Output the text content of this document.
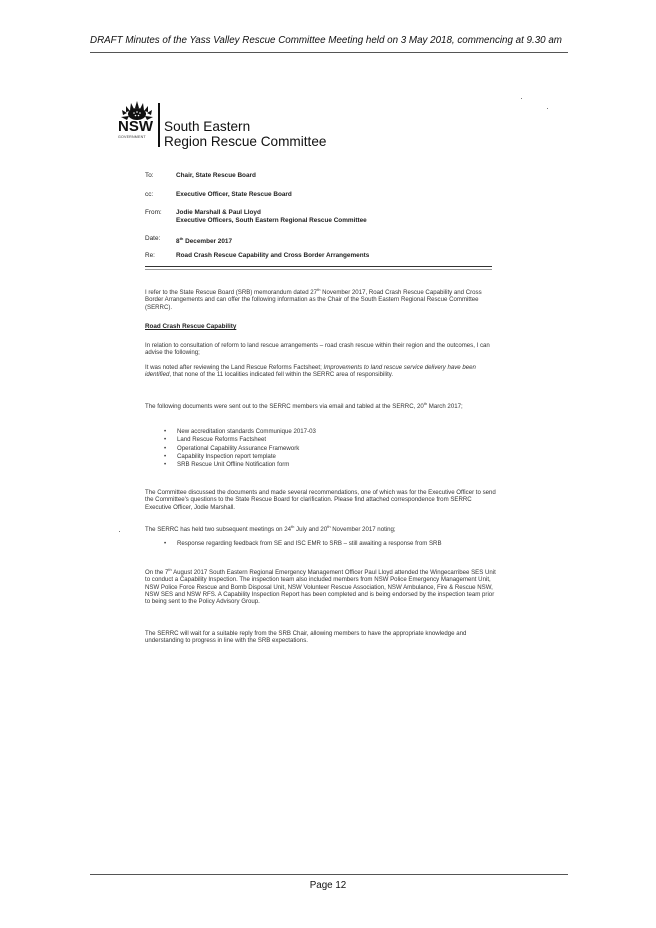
DRAFT Minutes of the Yass Valley Rescue Committee Meeting held on 3 May 2018, commencing at 9.30 am
NSW
GOVERNMENT
South Eastern
Region Rescue Committee
To:	Chair, State Rescue Board
cc:	Executive Officer, State Rescue Board
From: Jodie Marshall & Paul Lloyd
Executive Officers, South Eastern Regional Rescue Committee
Date: 8th December 2017
Re:	Road Crash Rescue Capability and Cross Border Arrangements

I refer to the State Rescue Board (SRB) memorandum dated 27th November 2017, Road Crash Rescue Capability and Cross Border Arrangements and can offer the following information as the Chair of the South Eastern Regional Rescue Committee (SERRC).

Road Crash Rescue Capability

In relation to consultation of reform to land rescue arrangements – road crash rescue within their region and the outcomes, I can advise the following;

It was noted after reviewing the Land Rescue Reforms Factsheet; Improvements to land rescue service delivery have been identified, that none of the 11 localities indicated fell within the SERRC area of responsibility.

The following documents were sent out to the SERRC members via email and tabled at the SERRC, 20th March 2017;

• New accreditation standards Communique 2017-03
• Land Rescue Reforms Factsheet
• Operational Capability Assurance Framework
• Capability Inspection report template
• SRB Rescue Unit Offline Notification form

The Committee discussed the documents and made several recommendations, one of which was for the Executive Officer to send the Committee's questions to the State Rescue Board for clarification. Please find attached correspondence from SERRC Executive Officer, Jodie Marshall.

The SERRC has held two subsequent meetings on 24th July and 20th November 2017 noting;

• Response regarding feedback from SE and ISC EMR to SRB – still awaiting a response from SRB

On the 7th August 2017 South Eastern Regional Emergency Management Officer Paul Lloyd attended the Wingecarribee SES Unit to conduct a Capability Inspection. The inspection team also included members from NSW Police Emergency Management Unit, NSW Police Force Rescue and Bomb Disposal Unit, NSW Volunteer Rescue Association, NSW Ambulance, Fire & Rescue NSW, NSW SES and NSW RFS. A Capability Inspection Report has been completed and is being endorsed by the inspection team prior to being sent to the Policy Advisory Group.

The SERRC will wait for a suitable reply from the SRB Chair, allowing members to have the appropriate knowledge and understanding to progress in line with the SRB expectations.

Page 12
